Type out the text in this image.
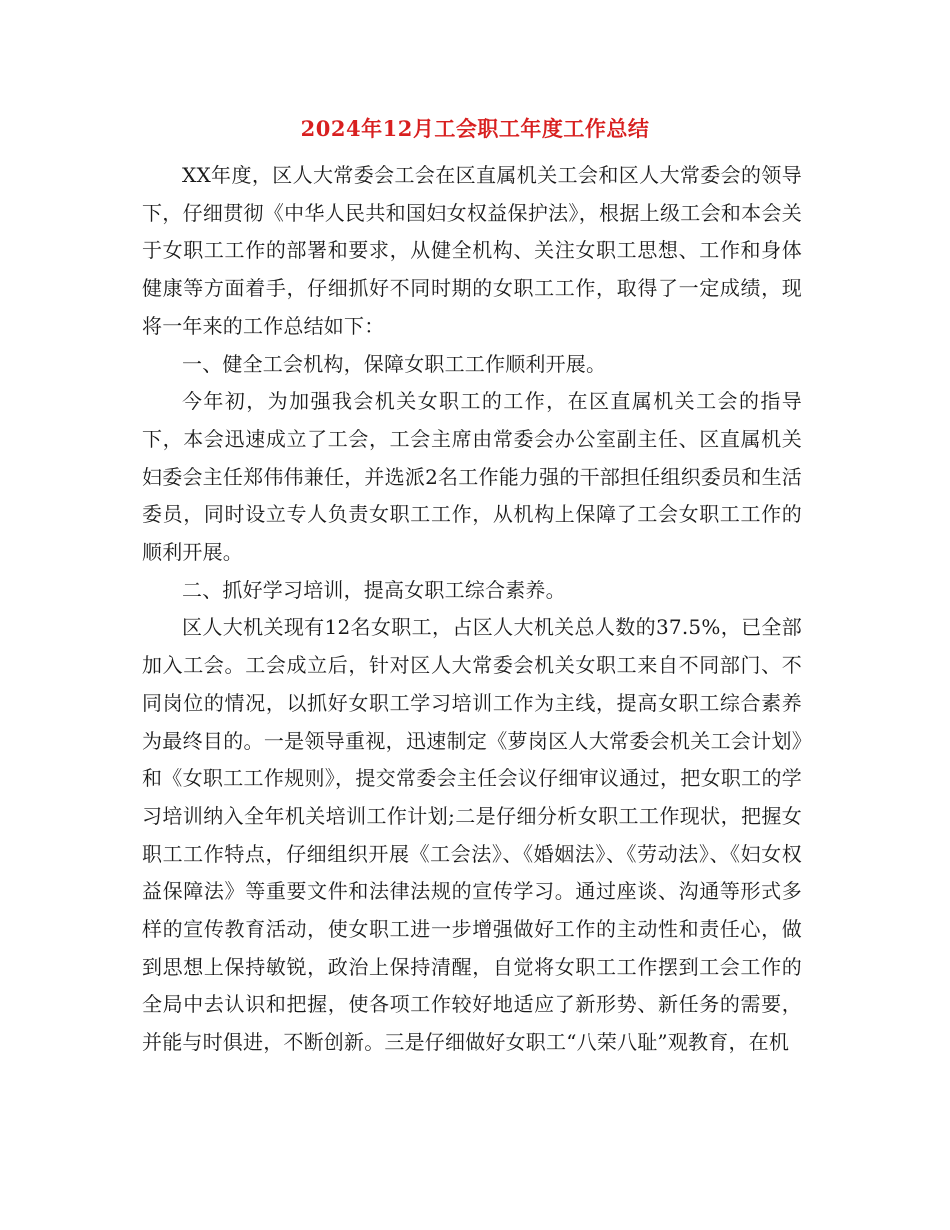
2024年12月工会职工年度工作总结

XX年度，区人大常委会工会在区直属机关工会和区人大常委会的领导下，仔细贯彻《中华人民共和国妇女权益保护法》，根据上级工会和本会关于女职工工作的部署和要求，从健全机构、关注女职工思想、工作和身体健康等方面着手，仔细抓好不同时期的女职工工作，取得了一定成绩，现将一年来的工作总结如下：

一、健全工会机构，保障女职工工作顺利开展。

今年初，为加强我会机关女职工的工作，在区直属机关工会的指导下，本会迅速成立了工会，工会主席由常委会办公室副主任、区直属机关妇委会主任郑伟伟兼任，并选派2名工作能力强的干部担任组织委员和生活委员，同时设立专人负责女职工工作，从机构上保障了工会女职工工作的顺利开展。

二、抓好学习培训，提高女职工综合素养。

区人大机关现有12名女职工，占区人大机关总人数的37.5%，已全部加入工会。工会成立后，针对区人大常委会机关女职工来自不同部门、不同岗位的情况，以抓好女职工学习培训工作为主线，提高女职工综合素养为最终目的。一是领导重视，迅速制定《萝岗区人大常委会机关工会计划》和《女职工工作规则》，提交常委会主任会议仔细审议通过，把女职工的学习培训纳入全年机关培训工作计划;二是仔细分析女职工工作现状，把握女职工工作特点，仔细组织开展《工会法》、《婚姻法》、《劳动法》、《妇女权益保障法》等重要文件和法律法规的宣传学习。通过座谈、沟通等形式多样的宣传教育活动，使女职工进一步增强做好工作的主动性和责任心，做到思想上保持敏锐，政治上保持清醒，自觉将女职工工作摆到工会工作的全局中去认识和把握，使各项工作较好地适应了新形势、新任务的需要，并能与时俱进，不断创新。三是仔细做好女职工“八荣八耻”观教育，在机
